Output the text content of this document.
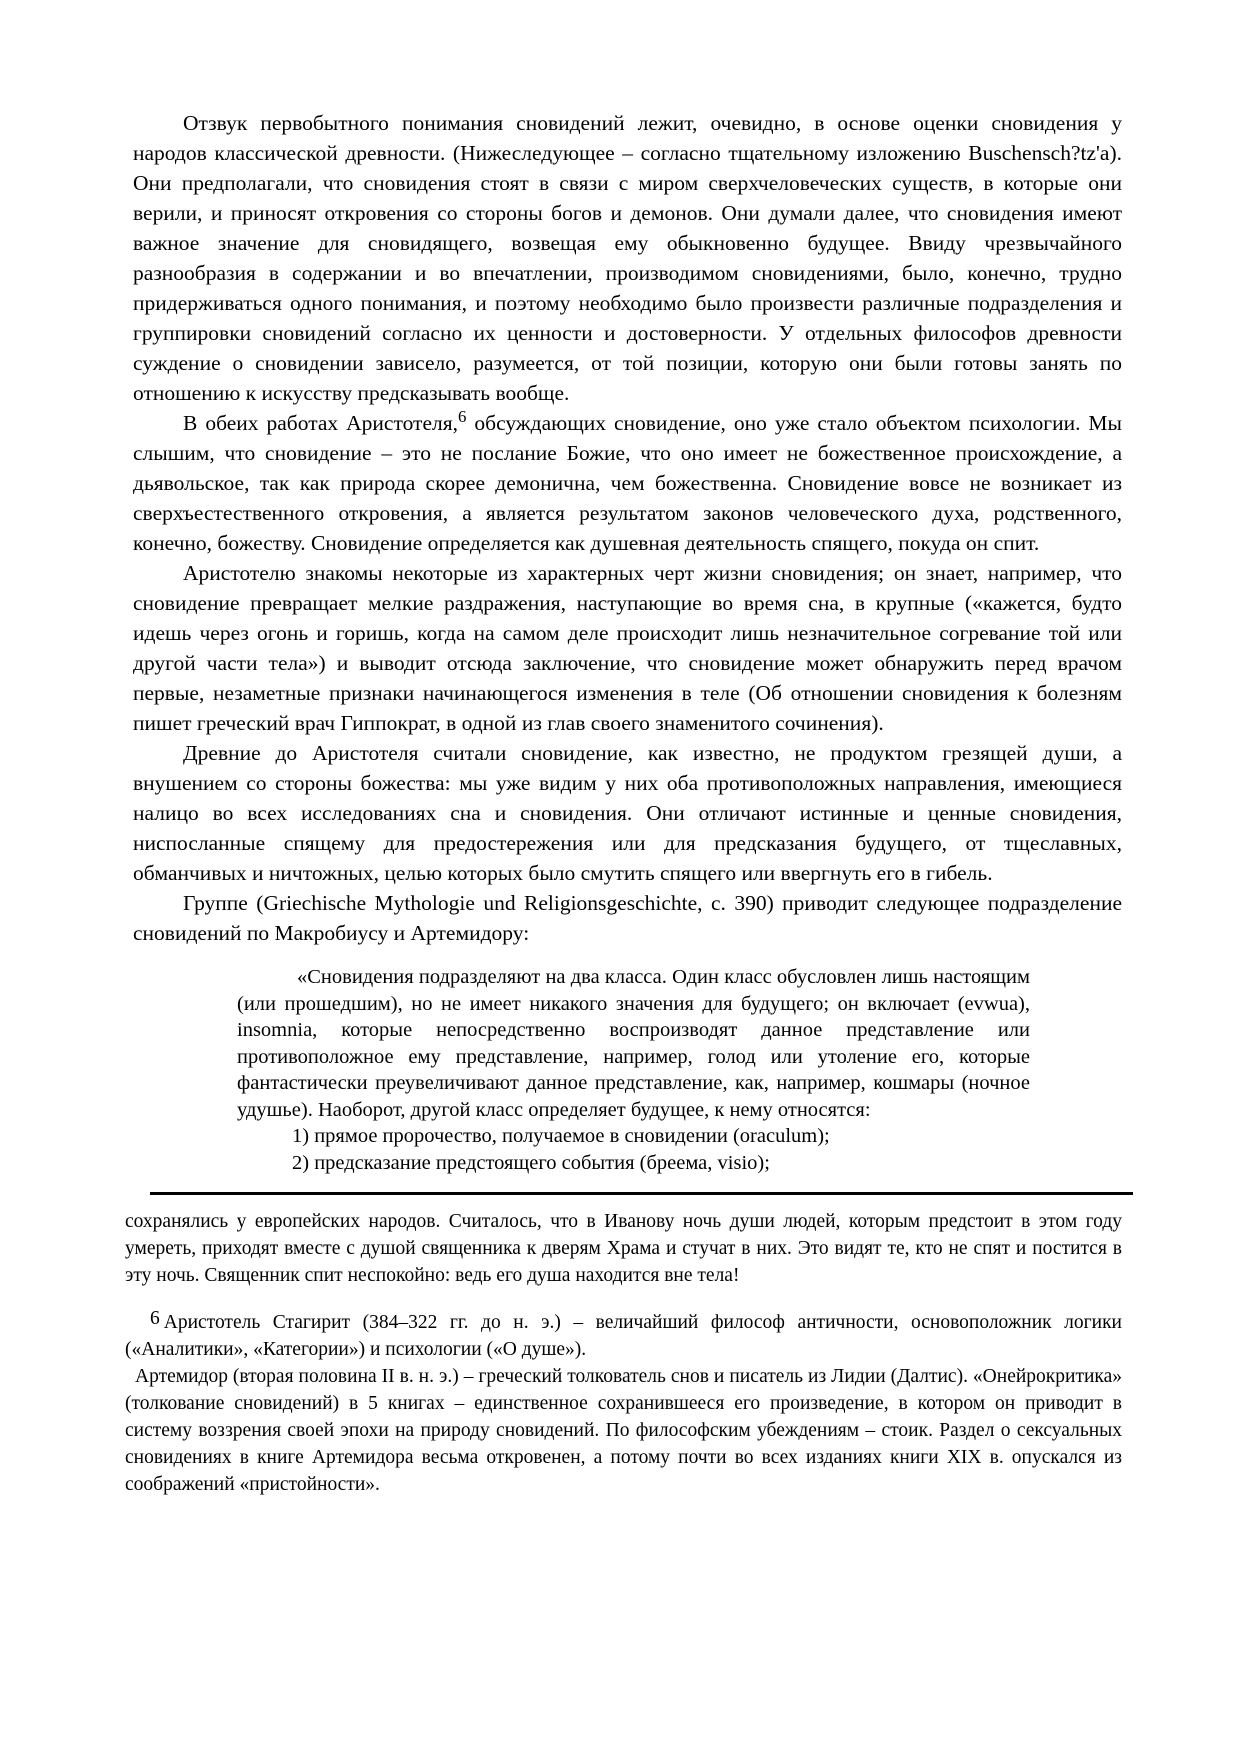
Отзвук первобытного понимания сновидений лежит, очевидно, в основе оценки сновидения у народов классической древности. (Нижеследующее – согласно тщательному изложению Buschensch?tz'a). Они предполагали, что сновидения стоят в связи с миром сверхчеловеческих существ, в которые они верили, и приносят откровения со стороны богов и демонов. Они думали далее, что сновидения имеют важное значение для сновидящего, возвещая ему обыкновенно будущее. Ввиду чрезвычайного разнообразия в содержании и во впечатлении, производимом сновидениями, было, конечно, трудно придерживаться одного понимания, и поэтому необходимо было произвести различные подразделения и группировки сновидений согласно их ценности и достоверности. У отдельных философов древности суждение о сновидении зависело, разумеется, от той позиции, которую они были готовы занять по отношению к искусству предсказывать вообще.

В обеих работах Аристотеля,$^6$ обсуждающих сновидение, оно уже стало объектом психологии. Мы слышим, что сновидение – это не послание Божие, что оно имеет не божественное происхождение, а дьявольское, так как природа скорее демонична, чем божественна. Сновидение вовсе не возникает из сверхъестественного откровения, а является результатом законов человеческого духа, родственного, конечно, божеству. Сновидение определяется как душевная деятельность спящего, покуда он спит.

Аристотелю знакомы некоторые из характерных черт жизни сновидения; он знает, например, что сновидение превращает мелкие раздражения, наступающие во время сна, в крупные («кажется, будто идешь через огонь и горишь, когда на самом деле происходит лишь незначительное согревание той или другой части тела») и выводит отсюда заключение, что сновидение может обнаружить перед врачом первые, незаметные признаки начинающегося изменения в теле (Об отношении сновидения к болезням пишет греческий врач Гиппократ, в одной из глав своего знаменитого сочинения).

Древние до Аристотеля считали сновидение, как известно, не продуктом грезящей души, а внушением со стороны божества: мы уже видим у них оба противоположных направления, имеющиеся налицо во всех исследованиях сна и сновидения. Они отличают истинные и ценные сновидения, ниспосланные спящему для предостережения или для предсказания будущего, от тщеславных, обманчивых и ничтожных, целью которых было смутить спящего или ввергнуть его в гибель.

Группе (Griechische Mythologie und Religionsgeschichte, с. 390) приводит следующее подразделение сновидений по Макробиусу и Артемидору:

«Сновидения подразделяют на два класса. Один класс обусловлен лишь настоящим (или прошедшим), но не имеет никакого значения для будущего; он включает (evwua), insomnia, которые непосредственно воспроизводят данное представление или противоположное ему представление, например, голод или утоление его, которые фантастически преувеличивают данное представление, как, например, кошмары (ночное удушье). Наоборот, другой класс определяет будущее, к нему относятся:

1) прямое пророчество, получаемое в сновидении (oraculum);

2) предсказание предстоящего события (бреема, visio);

сохранялись у европейских народов. Считалось, что в Иванову ночь души людей, которым предстоит в этом году умереть, приходят вместе с душой священника к дверям Храма и стучат в них. Это видят те, кто не спят и постится в эту ночь. Священник спит неспокойно: ведь его душа находится вне тела!

$^6$ Аристотель Стагирит (384–322 гг. до н. э.) – величайший философ античности, основоположник логики («Аналитики», «Категории») и психологии («О душе»).

Артемидор (вторая половина II в. н. э.) – греческий толкователь снов и писатель из Лидии (Далтис). «Онейрокритика» (толкование сновидений) в 5 книгах – единственное сохранившееся его произведение, в котором он приводит в систему воззрения своей эпохи на природу сновидений. По философским убеждениям – стоик. Раздел о сексуальных сновидениях в книге Артемидора весьма откровенен, а потому почти во всех изданиях книги XIX в. опускался из соображений «пристойности».
